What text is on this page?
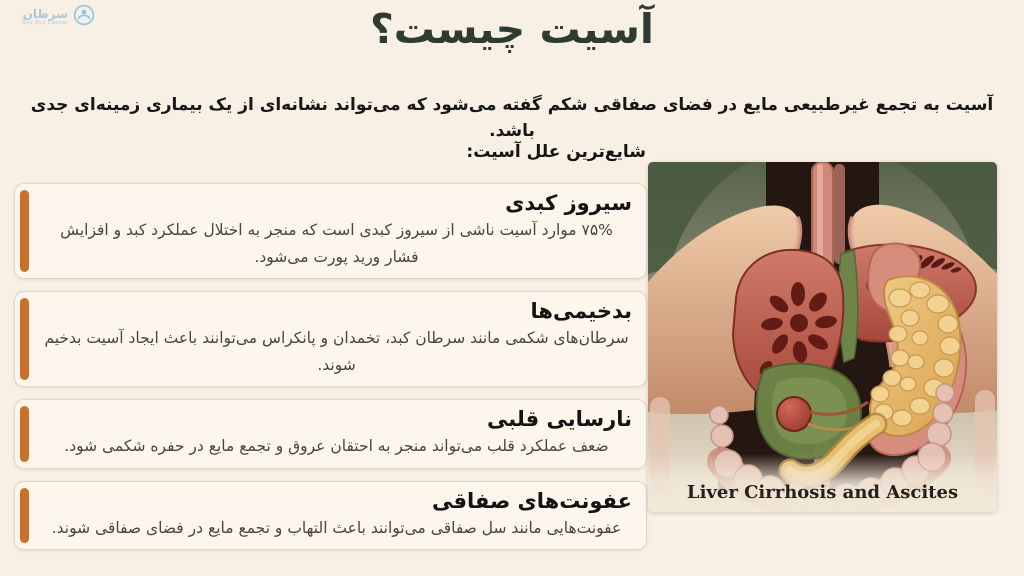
سرطان
Bye Bye Cancer	آسیت چیست؟
آسیت به تجمع غیرطبیعی مایع در فضای صفاقی شکم گفته می‌شود که می‌تواند نشانه‌ای از یک بیماری زمینه‌ای جدی باشد.
شایع‌ترین علل آسیت:
سیروز کبدی
۷۵% موارد آسیت ناشی از سیروز کبدی است که منجر به اختلال عملکرد کبد و افزایش فشار ورید پورت می‌شود.
بدخیمی‌ها
سرطان‌های شکمی مانند سرطان کبد، تخمدان و پانکراس می‌توانند باعث ایجاد آسیت بدخیم شوند.
نارسایی قلبی
ضعف عملکرد قلب می‌تواند منجر به احتقان عروق و تجمع مایع در حفره شکمی شود.
عفونت‌های صفاقی
عفونت‌هایی مانند سل صفاقی می‌توانند باعث التهاب و تجمع مایع در فضای صفاقی شوند.
Liver Cirrhosis and Ascites
